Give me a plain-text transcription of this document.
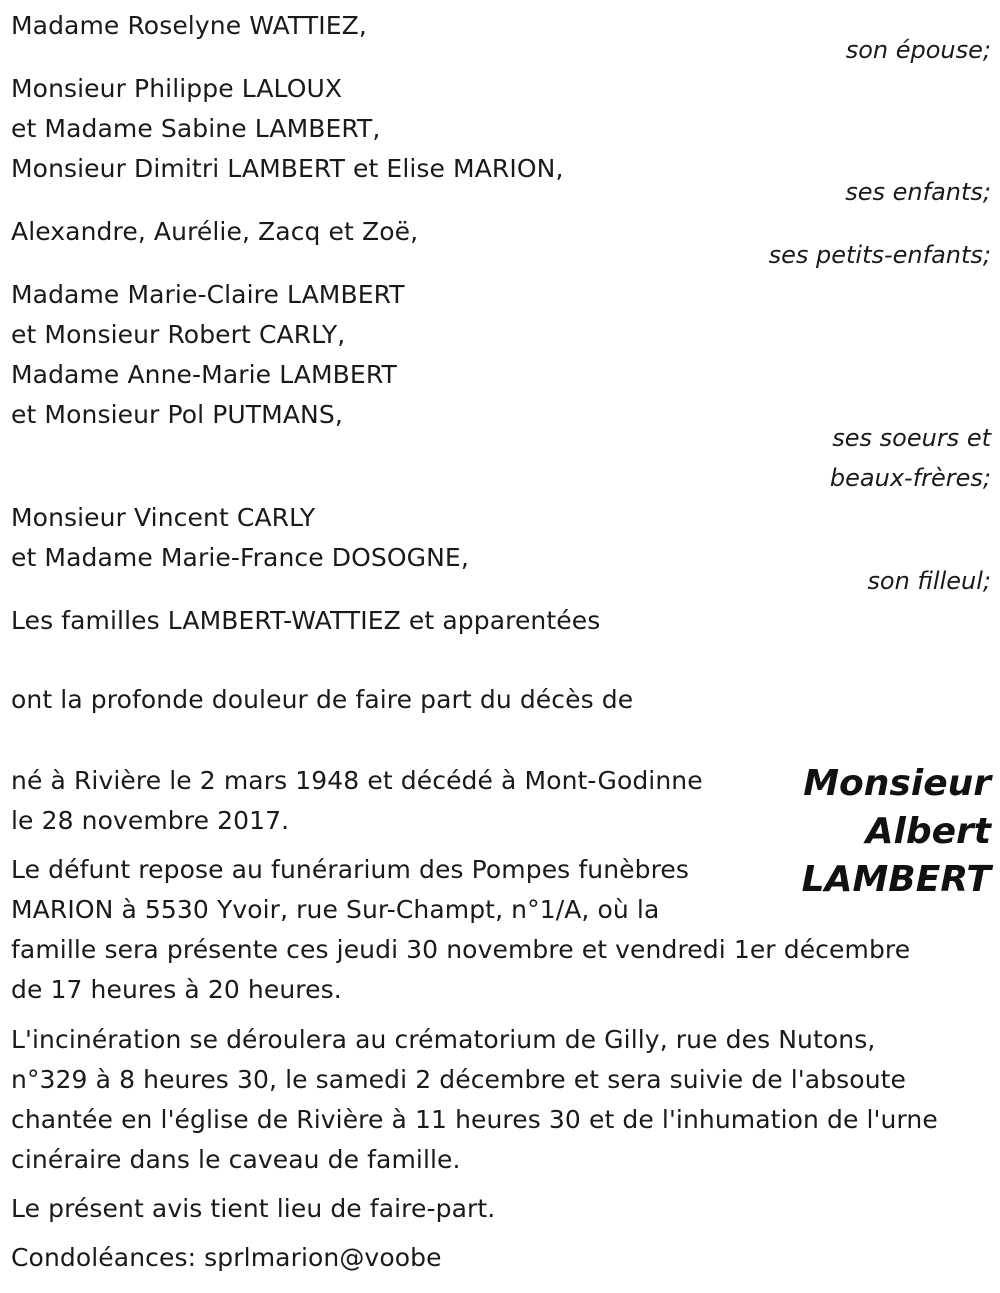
Madame Roselyne WATTIEZ,
son épouse;
Monsieur Philippe LALOUX
et Madame Sabine LAMBERT,
Monsieur Dimitri LAMBERT et Elise MARION,
ses enfants;
Alexandre, Aurélie, Zacq et Zoë,
ses petits-enfants;
Madame Marie-Claire LAMBERT
et Monsieur Robert CARLY,
Madame Anne-Marie LAMBERT
et Monsieur Pol PUTMANS,
ses soeurs et
beaux-frères;
Monsieur Vincent CARLY
et Madame Marie-France DOSOGNE,
son filleul;
Les familles LAMBERT-WATTIEZ et apparentées
ont la profonde douleur de faire part du décès de
Monsieur
Albert
LAMBERT
né à Rivière le 2 mars 1948 et décédé à Mont-Godinne
le 28 novembre 2017.
Le défunt repose au funérarium des Pompes funèbres
MARION à 5530 Yvoir, rue Sur-Champt, n°1/A, où la
famille sera présente ces jeudi 30 novembre et vendredi 1er décembre
de 17 heures à 20 heures.
L'incinération se déroulera au crématorium de Gilly, rue des Nutons,
n°329 à 8 heures 30, le samedi 2 décembre et sera suivie de l'absoute
chantée en l'église de Rivière à 11 heures 30 et de l'inhumation de l'urne
cinéraire dans le caveau de famille.
Le présent avis tient lieu de faire-part.
Condoléances: sprlmarion@voobe
